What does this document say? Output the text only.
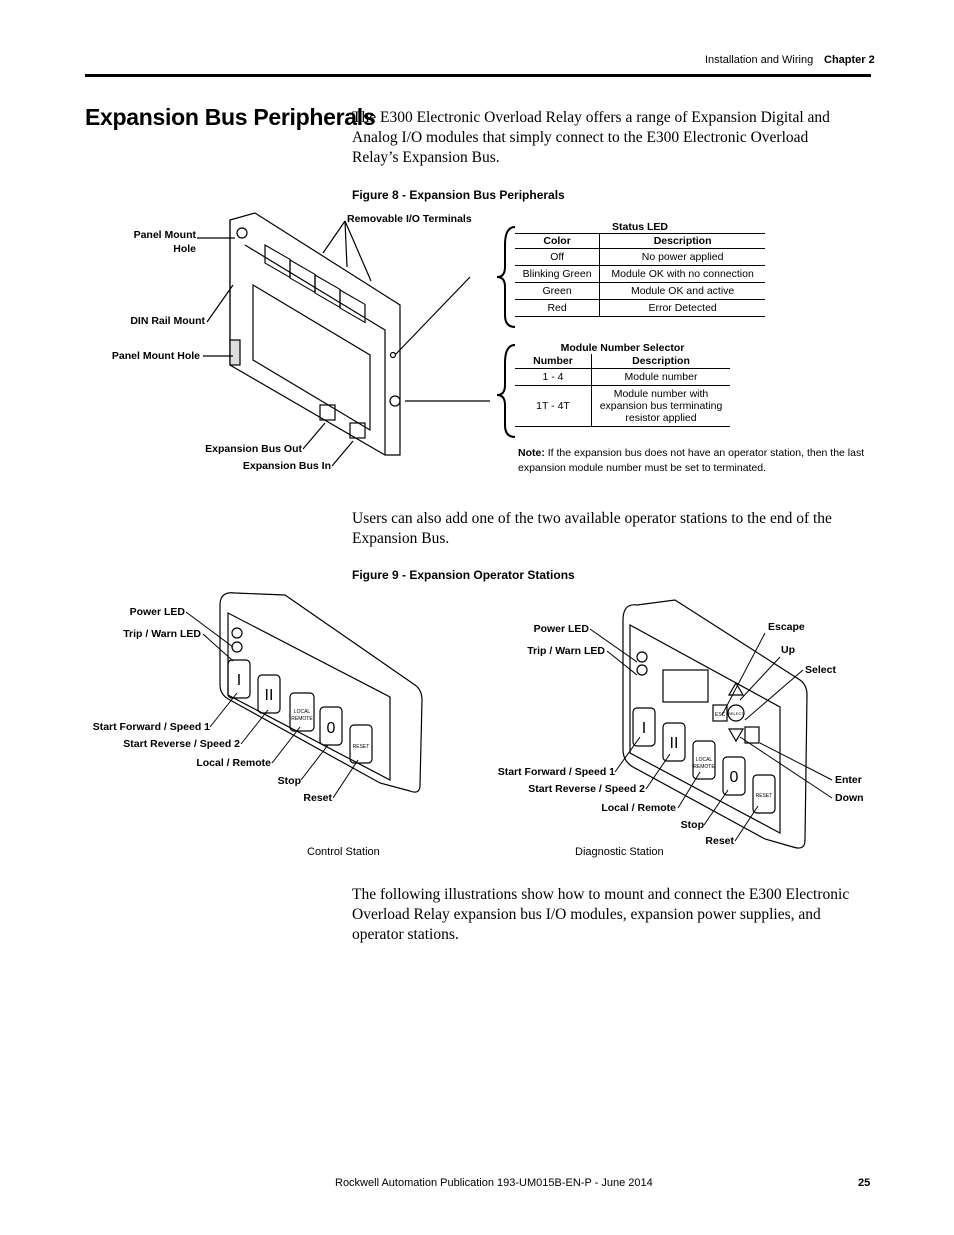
Installation and Wiring Chapter 2
Expansion Bus Peripherals
The E300 Electronic Overload Relay offers a range of Expansion Digital and Analog I/O modules that simply connect to the E300 Electronic Overload Relay’s Expansion Bus.
Figure 8 - Expansion Bus Peripherals
Panel Mount
Hole
Removable I/O Terminals
DIN Rail Mount
Panel Mount Hole
Expansion Bus Out
Expansion Bus In
Status LED
Color	Description
Off	No power applied
Blinking Green	Module OK with no connection
Green	Module OK and active
Red	Error Detected
Module Number Selector
Number	Description
1 - 4	Module number
1T - 4T	Module number with expansion bus terminating resistor applied
Note: If the expansion bus does not have an operator station, then the last expansion module number must be set to terminated.
Users can also add one of the two available operator stations to the end of the Expansion Bus.
Figure 9 - Expansion Operator Stations
I
II
LOCAL
REMOTE
0
RESET
I
II
LOCAL
REMOTE
0
RESET
ESC SELECT
Power LED
Trip / Warn LED
Start Forward / Speed 1
Start Reverse / Speed 2
Local / Remote
Stop
Reset
Power LED
Trip / Warn LED
Start Forward / Speed 1
Start Reverse / Speed 2
Local / Remote
Stop
Reset
Escape
Up
Select
Enter
Down
Control Station	Diagnostic Station
The following illustrations show how to mount and connect the E300 Electronic Overload Relay expansion bus I/O modules, expansion power supplies, and operator stations.
Rockwell Automation Publication 193-UM015B-EN-P - June 2014	25
